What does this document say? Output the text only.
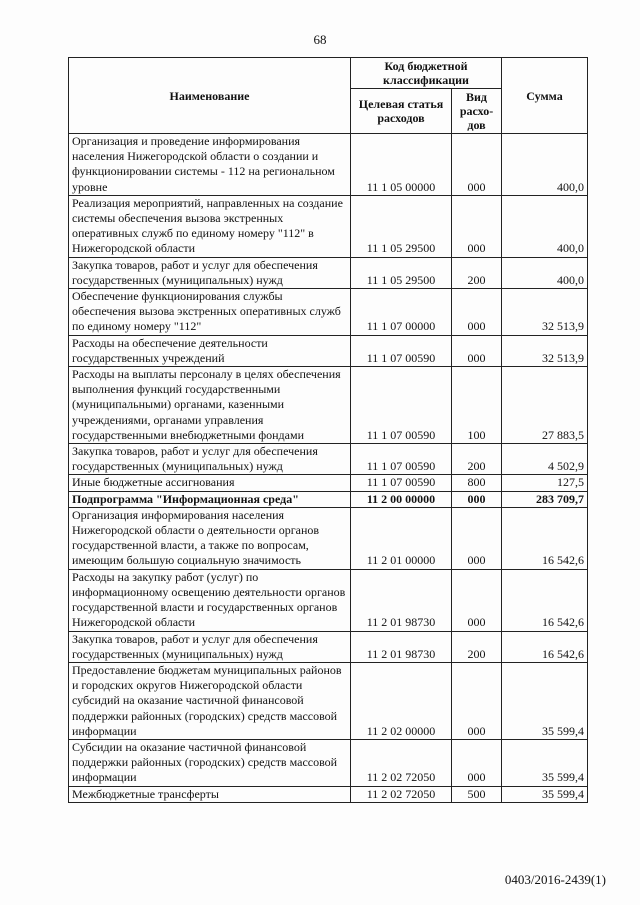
68
Наименование	Код бюджетной классификации		Сумма
	Целевая статья расходов	Вид расхо-дов	
Организация и проведение информирования населения Нижегородской области о создании и функционировании системы - 112 на региональном уровне	11 1 05 00000	000	400,0
Реализация мероприятий, направленных на создание системы обеспечения вызова экстренных оперативных служб по единому номеру "112" в Нижегородской области	11 1 05 29500	000	400,0
Закупка товаров, работ и услуг для обеспечения государственных (муниципальных) нужд	11 1 05 29500	200	400,0
Обеспечение функционирования службы обеспечения вызова экстренных оперативных служб по единому номеру "112"	11 1 07 00000	000	32 513,9
Расходы на обеспечение деятельности государственных учреждений	11 1 07 00590	000	32 513,9
Расходы на выплаты персоналу в целях обеспечения выполнения функций государственными (муниципальными) органами, казенными учреждениями, органами управления государственными внебюджетными фондами	11 1 07 00590	100	27 883,5
Закупка товаров, работ и услуг для обеспечения государственных (муниципальных) нужд	11 1 07 00590	200	4 502,9
Иные бюджетные ассигнования	11 1 07 00590	800	127,5
Подпрограмма "Информационная среда"	11 2 00 00000	000	283 709,7
Организация информирования населения Нижегородской области о деятельности органов государственной власти, а также по вопросам, имеющим большую социальную значимость	11 2 01 00000	000	16 542,6
Расходы на закупку работ (услуг) по информационному освещению деятельности органов государственной власти и государственных органов Нижегородской области	11 2 01 98730	000	16 542,6
Закупка товаров, работ и услуг для обеспечения государственных (муниципальных) нужд	11 2 01 98730	200	16 542,6
Предоставление бюджетам муниципальных районов и городских округов Нижегородской области субсидий на оказание частичной финансовой поддержки районных (городских) средств массовой информации	11 2 02 00000	000	35 599,4
Субсидии на оказание частичной финансовой поддержки районных (городских) средств массовой информации	11 2 02 72050	000	35 599,4
Межбюджетные трансферты	11 2 02 72050	500	35 599,4
0403/2016-2439(1)
